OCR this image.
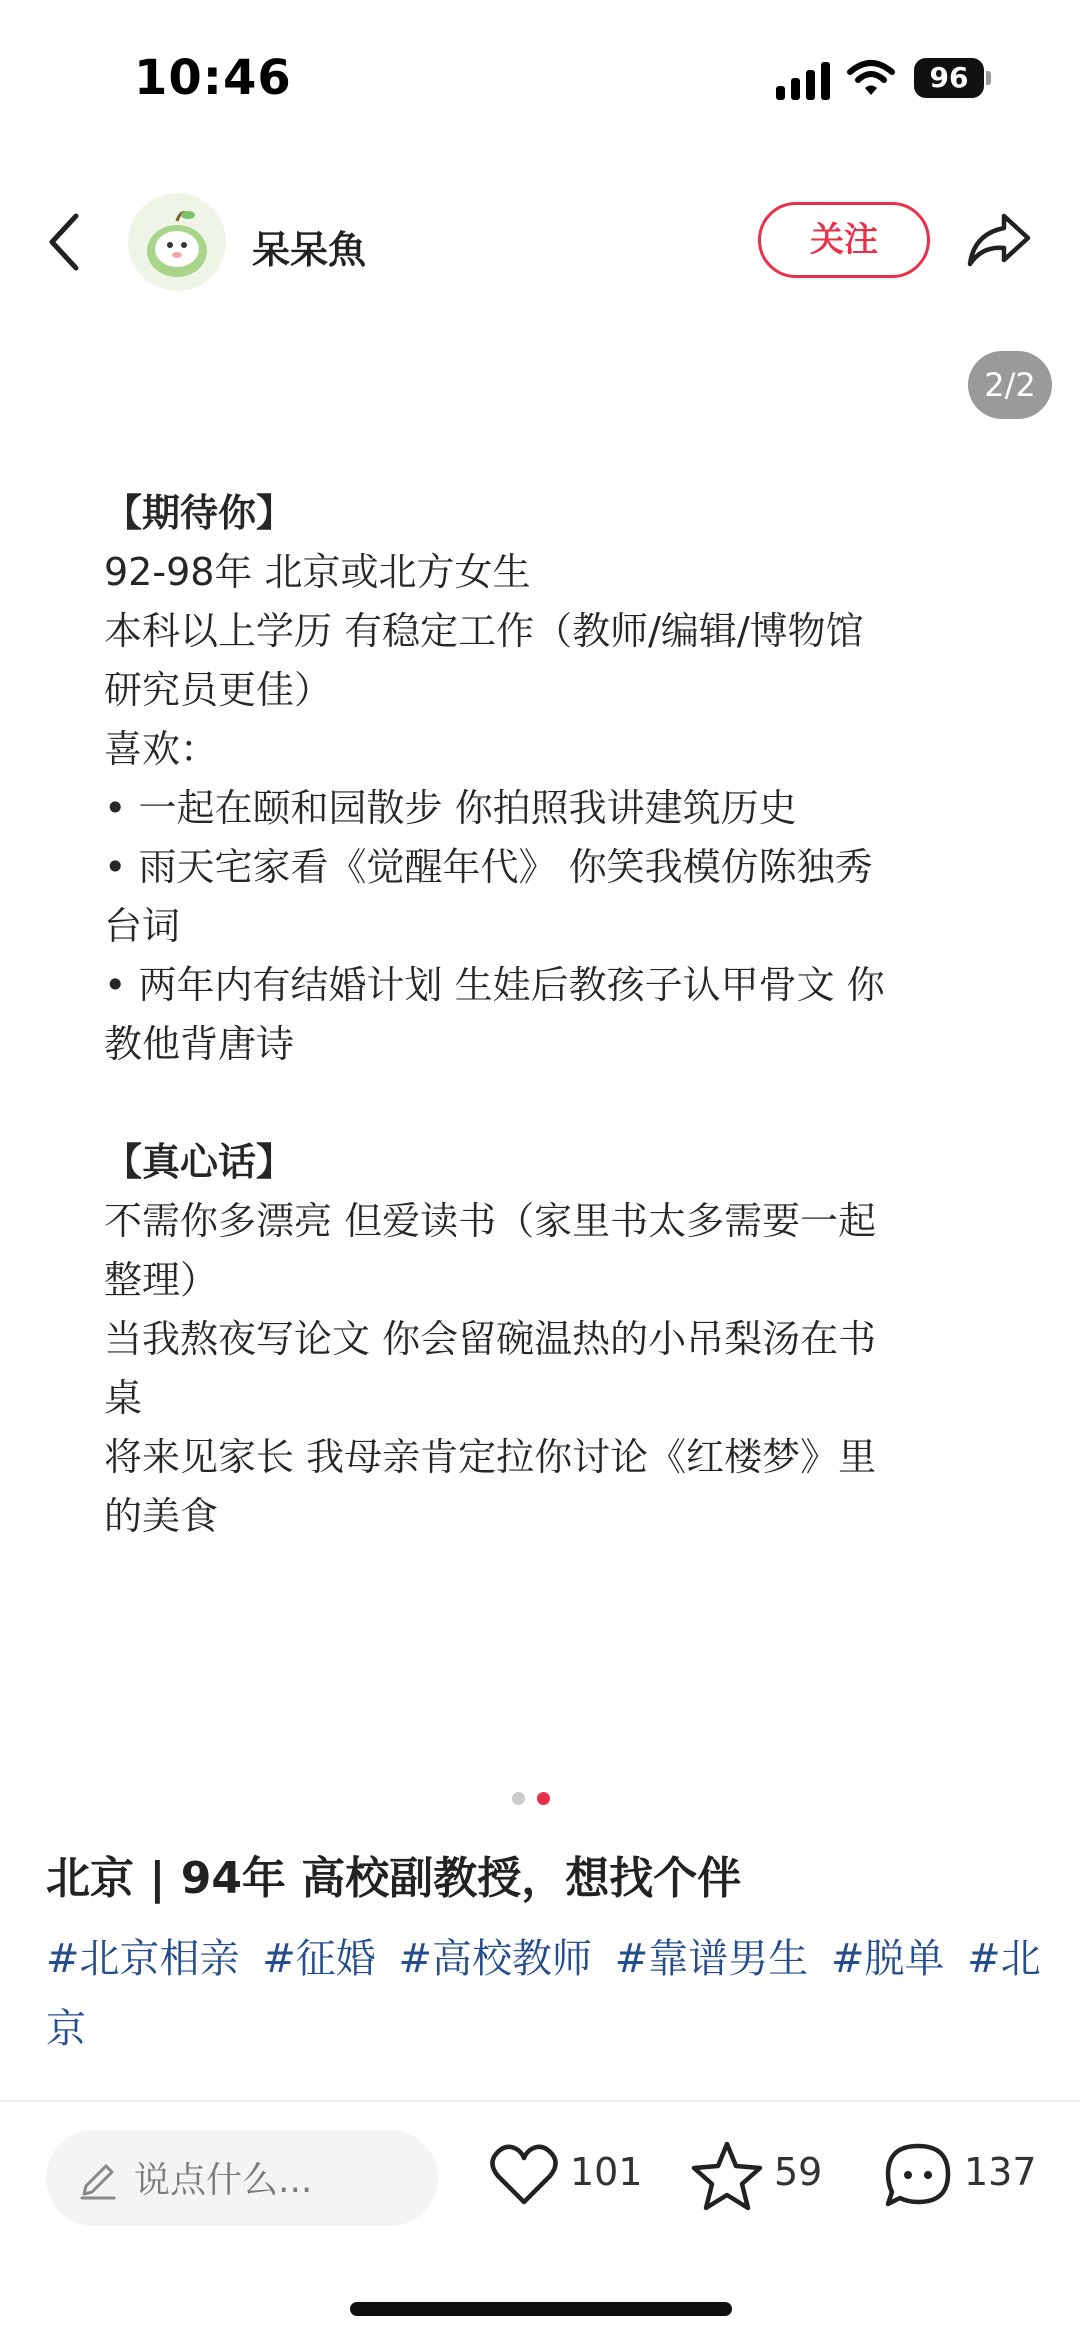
10:46	96
呆呆魚	关注
2/2
【期待你】
92-98年 北京或北方女生
本科以上学历 有稳定工作（教师/编辑/博物馆
研究员更佳）
喜欢：
• 一起在颐和园散步 你拍照我讲建筑历史
• 雨天宅家看《觉醒年代》 你笑我模仿陈独秀
台词
• 两年内有结婚计划 生娃后教孩子认甲骨文 你
教他背唐诗
【真心话】
不需你多漂亮 但爱读书（家里书太多需要一起
整理）
当我熬夜写论文 你会留碗温热的小吊梨汤在书
桌
将来见家长 我母亲肯定拉你讨论《红楼梦》里
的美食
北京 | 94年 高校副教授，想找个伴
#北京相亲 #征婚 #高校教师 #靠谱男生 #脱单 #北京
说点什么...	101	59	137
